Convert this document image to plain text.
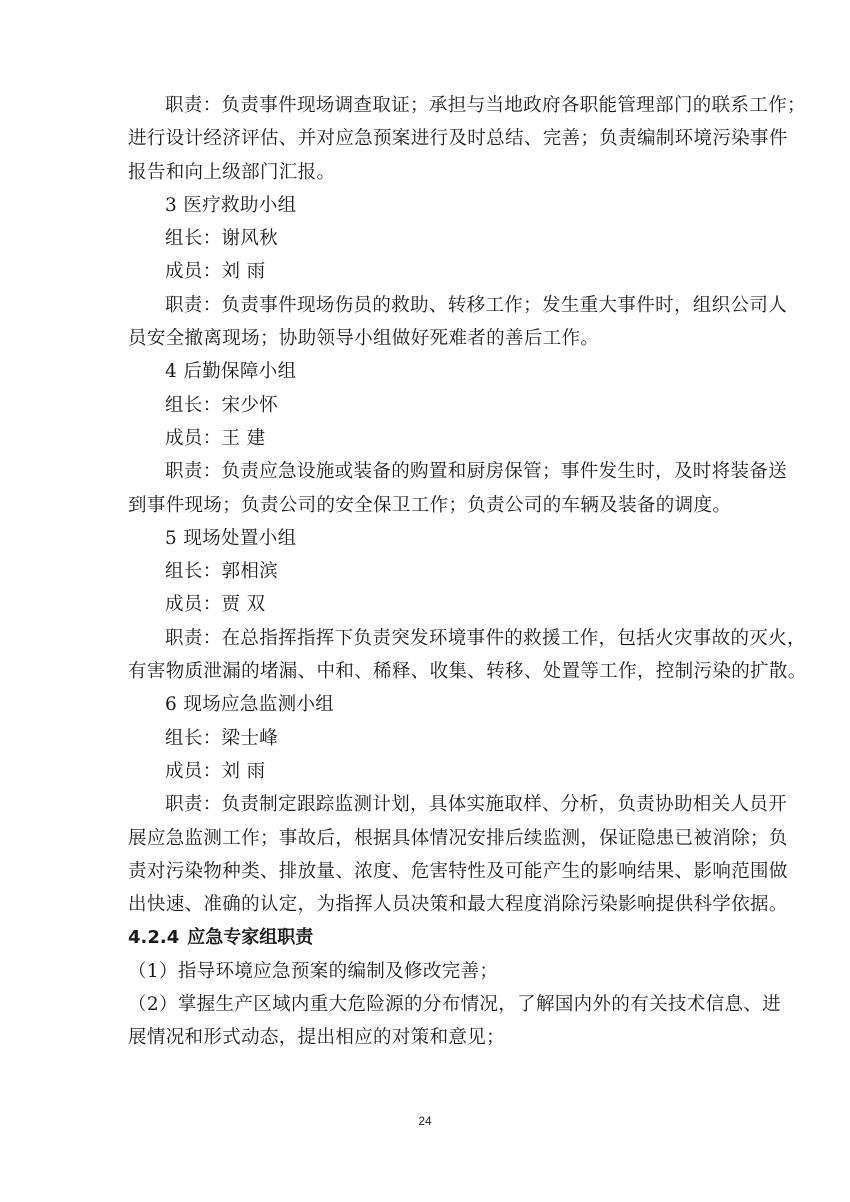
职责：负责事件现场调查取证；承担与当地政府各职能管理部门的联系工作；
进行设计经济评估、并对应急预案进行及时总结、完善；负责编制环境污染事件
报告和向上级部门汇报。
3 医疗救助小组
组长：谢风秋
成员：刘 雨
职责：负责事件现场伤员的救助、转移工作；发生重大事件时，组织公司人
员安全撤离现场；协助领导小组做好死难者的善后工作。
4 后勤保障小组
组长：宋少怀
成员：王 建
职责：负责应急设施或装备的购置和厨房保管；事件发生时，及时将装备送
到事件现场；负责公司的安全保卫工作；负责公司的车辆及装备的调度。
5 现场处置小组
组长：郭相滨
成员：贾 双
职责：在总指挥指挥下负责突发环境事件的救援工作，包括火灾事故的灭火，
有害物质泄漏的堵漏、中和、稀释、收集、转移、处置等工作，控制污染的扩散。
6 现场应急监测小组
组长：梁士峰
成员：刘 雨
职责：负责制定跟踪监测计划，具体实施取样、分析，负责协助相关人员开
展应急监测工作；事故后，根据具体情况安排后续监测，保证隐患已被消除；负
责对污染物种类、排放量、浓度、危害特性及可能产生的影响结果、影响范围做
出快速、准确的认定，为指挥人员决策和最大程度消除污染影响提供科学依据。
4.2.4 应急专家组职责
（1）指导环境应急预案的编制及修改完善；
（2）掌握生产区域内重大危险源的分布情况，了解国内外的有关技术信息、进
展情况和形式动态，提出相应的对策和意见；
24
